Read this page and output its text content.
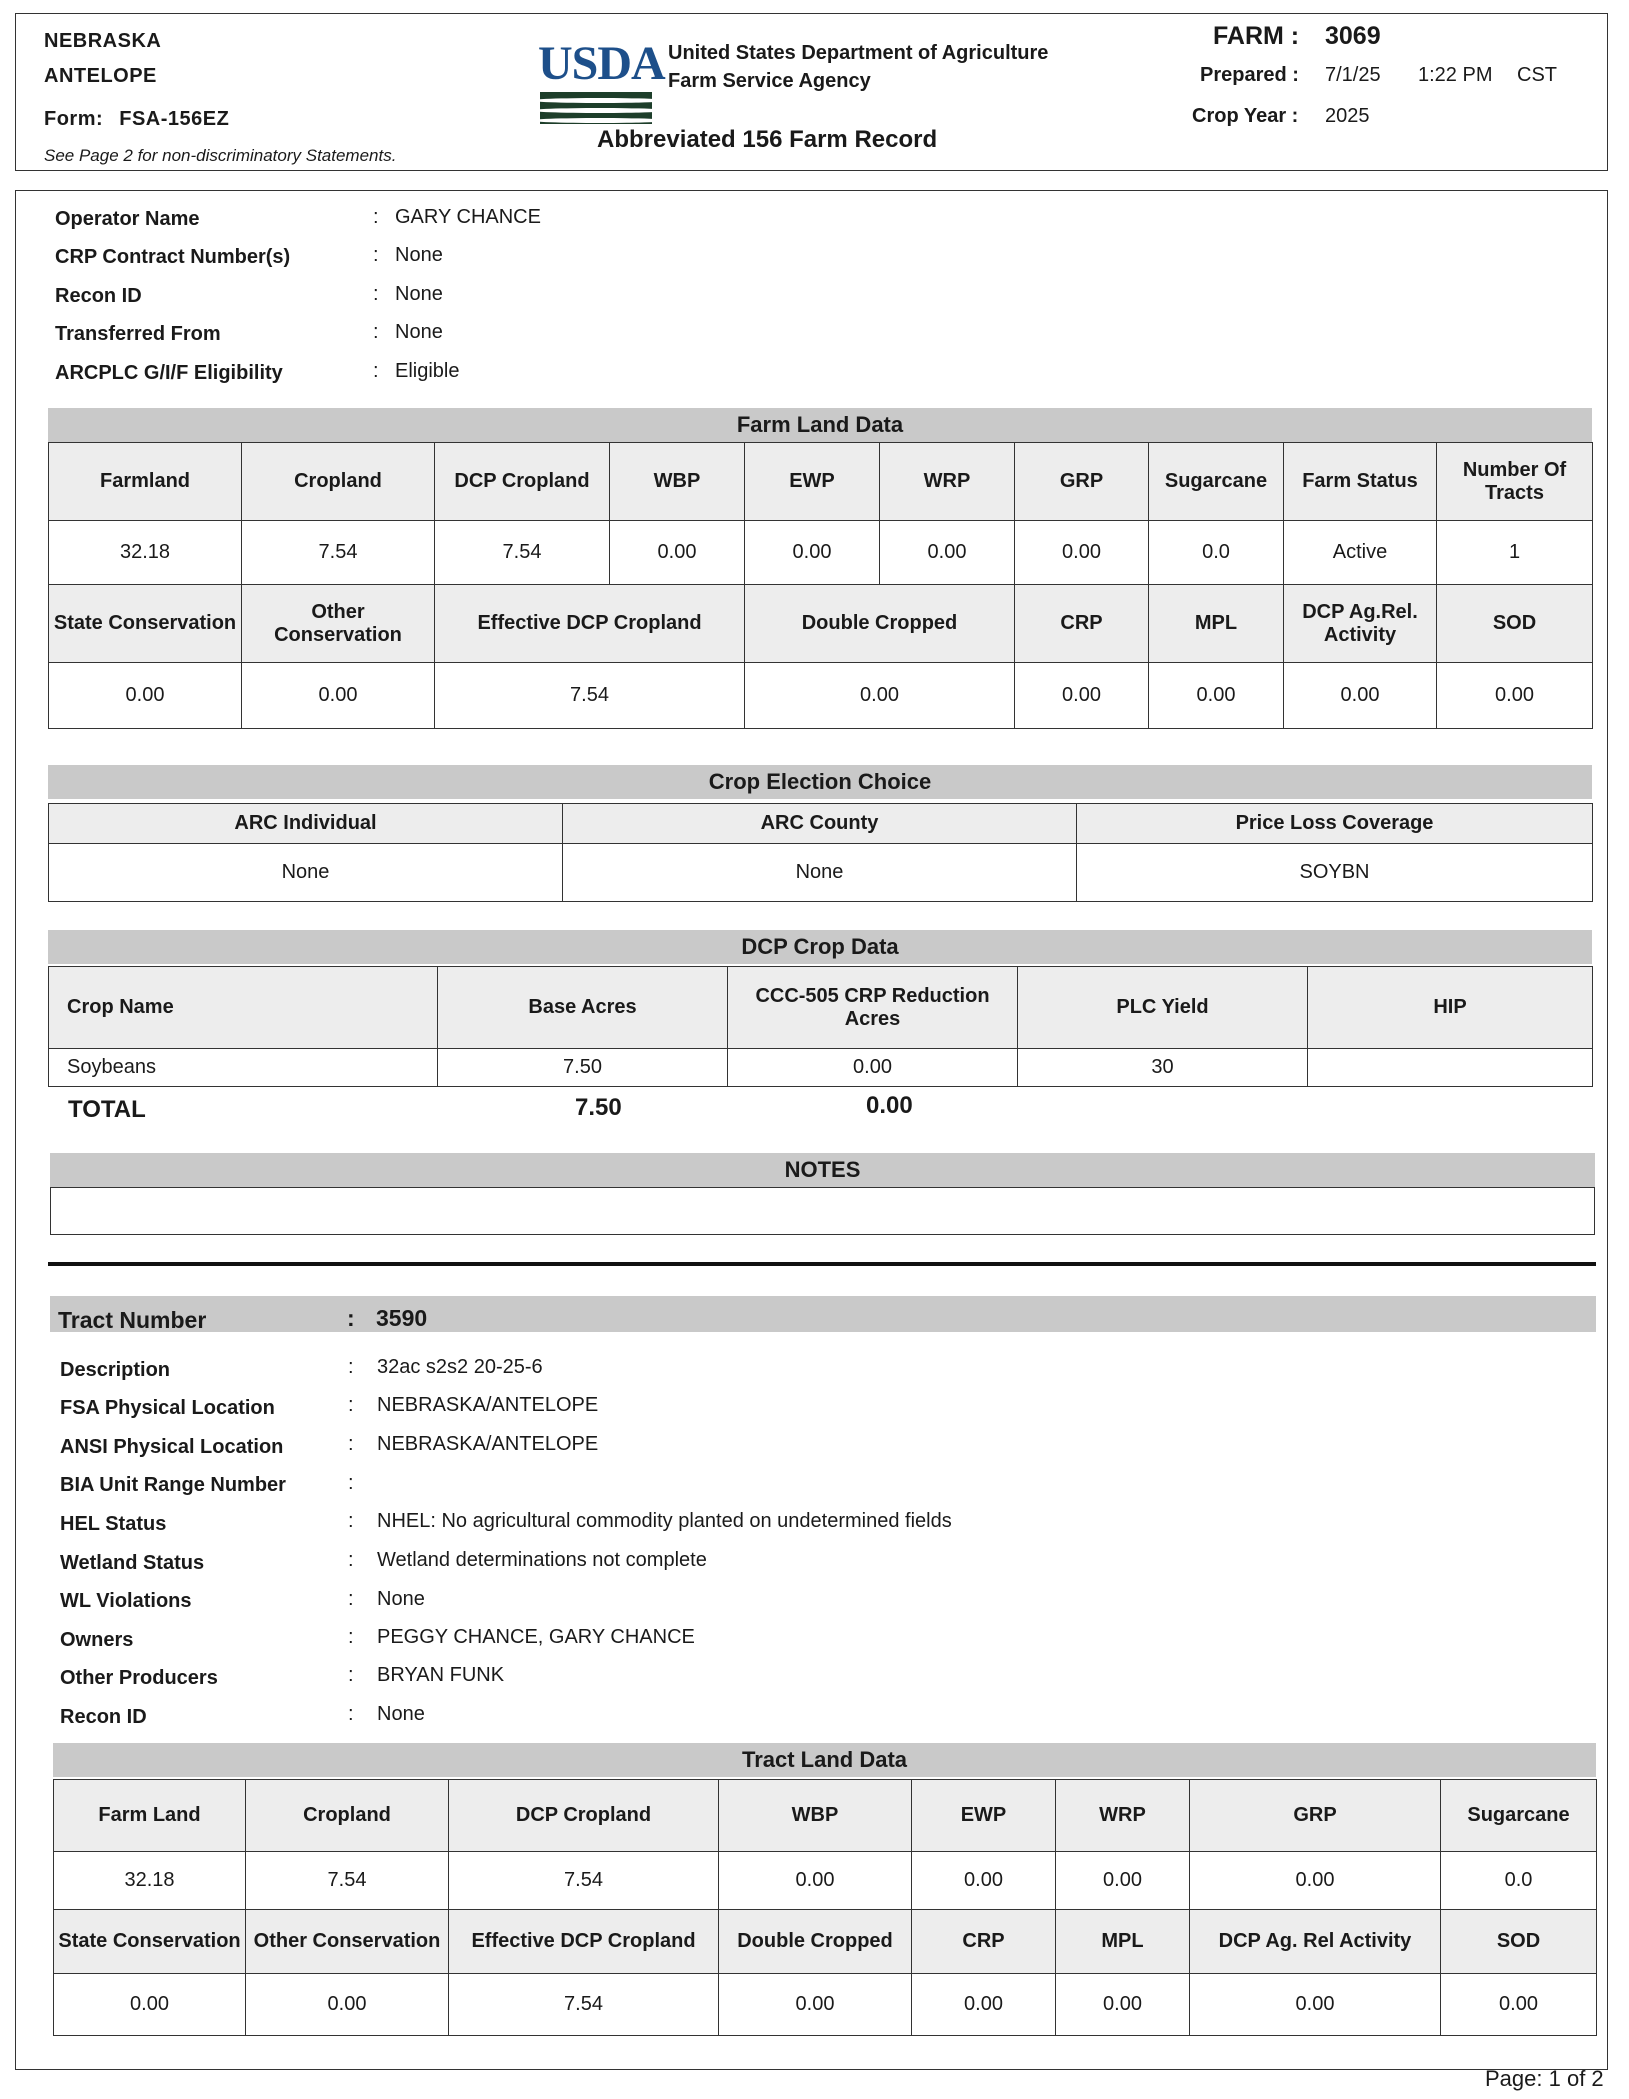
NEBRASKA
ANTELOPE
Form: FSA-156EZ
See Page 2 for non-discriminatory Statements.
USDA United States Department of Agriculture
Farm Service Agency
Abbreviated 156 Farm Record
FARM : 3069
Prepared : 7/1/25 1:22 PM CST
Crop Year : 2025
Operator Name	: GARY CHANCE
CRP Contract Number(s)	: None
Recon ID	: None
Transferred From	: None
ARCPLC G/I/F Eligibility	: Eligible
Farm Land Data
Farmland	Cropland	DCP Cropland	WBP	EWP	WRP	GRP	Sugarcane	Farm Status	Number Of Tracts
32.18	7.54	7.54	0.00	0.00	0.00	0.00	0.0	Active	1
State Conservation	Other Conservation	Effective DCP Cropland	Double Cropped	CRP	MPL	DCP Ag.Rel. Activity	SOD
0.00	0.00	7.54	0.00	0.00	0.00	0.00	0.00
Crop Election Choice
ARC Individual	ARC County	Price Loss Coverage
None	None	SOYBN
DCP Crop Data
Crop Name	Base Acres	CCC-505 CRP Reduction Acres	PLC Yield	HIP
Soybeans	7.50	0.00	30	
TOTAL	7.50	0.00
NOTES
Tract Number	: 3590
Description	: 32ac s2s2 20-25-6
FSA Physical Location	: NEBRASKA/ANTELOPE
ANSI Physical Location	: NEBRASKA/ANTELOPE
BIA Unit Range Number	:
HEL Status	: NHEL: No agricultural commodity planted on undetermined fields
Wetland Status	: Wetland determinations not complete
WL Violations	: None
Owners	: PEGGY CHANCE, GARY CHANCE
Other Producers	: BRYAN FUNK
Recon ID	: None
Tract Land Data
Farm Land	Cropland	DCP Cropland	WBP	EWP	WRP	GRP	Sugarcane
32.18	7.54	7.54	0.00	0.00	0.00	0.00	0.0
State Conservation	Other Conservation	Effective DCP Cropland	Double Cropped	CRP	MPL	DCP Ag. Rel Activity	SOD
0.00	0.00	7.54	0.00	0.00	0.00	0.00	0.00
Page: 1 of 2
